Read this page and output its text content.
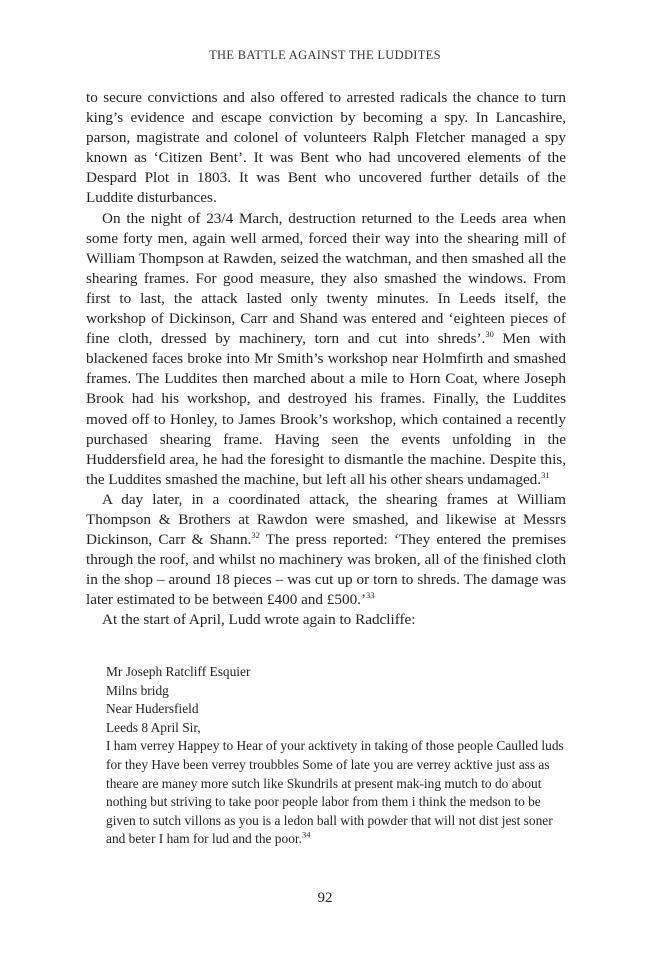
THE BATTLE AGAINST THE LUDDITES

to secure convictions and also offered to arrested radicals the chance to turn king’s evidence and escape conviction by becoming a spy. In Lancashire, parson, magistrate and colonel of volunteers Ralph Fletcher managed a spy known as ‘Citizen Bent’. It was Bent who had uncovered elements of the Despard Plot in 1803. It was Bent who uncovered further details of the Luddite disturbances.

On the night of 23/4 March, destruction returned to the Leeds area when some forty men, again well armed, forced their way into the shearing mill of William Thompson at Rawden, seized the watchman, and then smashed all the shearing frames. For good measure, they also smashed the windows. From first to last, the attack lasted only twenty minutes. In Leeds itself, the workshop of Dickinson, Carr and Shand was entered and ‘eighteen pieces of fine cloth, dressed by machinery, torn and cut into shreds’.$^{30}$ Men with blackened faces broke into Mr Smith’s workshop near Holmfirth and smashed frames. The Luddites then marched about a mile to Horn Coat, where Joseph Brook had his workshop, and destroyed his frames. Finally, the Luddites moved off to Honley, to James Brook’s workshop, which contained a recently purchased shearing frame. Having seen the events unfolding in the Huddersfield area, he had the foresight to dismantle the machine. Despite this, the Luddites smashed the machine, but left all his other shears undamaged.$^{31}$

A day later, in a coordinated attack, the shearing frames at William Thompson & Brothers at Rawdon were smashed, and likewise at Messrs Dickinson, Carr & Shann.$^{32}$ The press reported: ‘They entered the premises through the roof, and whilst no machinery was broken, all of the finished cloth in the shop – around 18 pieces – was cut up or torn to shreds. The damage was later estimated to be between £400 and £500.’$^{33}$

At the start of April, Ludd wrote again to Radcliffe:

Mr Joseph Ratcliff Esquier

Milns bridg

Near Hudersfield

Leeds 8 April Sir,

I ham verrey Happey to Hear of your acktivety in taking of those people Caulled luds for they Have been verrey troubbles Some of late you are verrey acktive just ass as theare are maney more sutch like Skundrils at present mak-ing mutch to do about nothing but striving to take poor people labor from them i think the medson to be given to sutch villons as you is a ledon ball with powder that will not dist jest soner and beter I ham for lud and the poor.$^{34}$

92
